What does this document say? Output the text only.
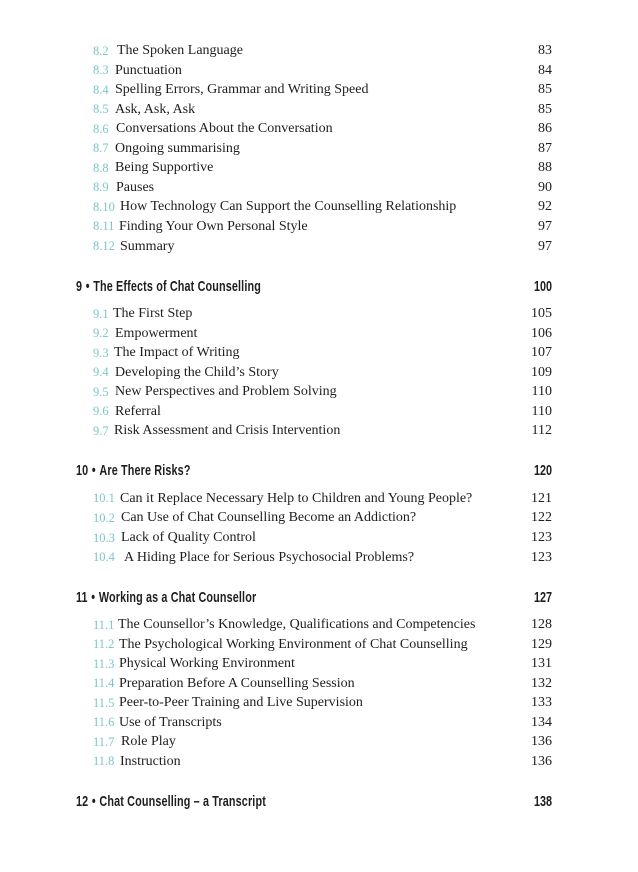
8.2 The Spoken Language	83
8.3 Punctuation	84
8.4 Spelling Errors, Grammar and Writing Speed	85
8.5 Ask, Ask, Ask	85
8.6 Conversations About the Conversation	86
8.7 Ongoing summarising	87
8.8 Being Supportive	88
8.9 Pauses	90
8.10 How Technology Can Support the Counselling Relationship	92
8.11 Finding Your Own Personal Style	97
8.12 Summary	97
9 • The Effects of Chat Counselling	100
9.1 The First Step	105
9.2 Empowerment	106
9.3 The Impact of Writing	107
9.4 Developing the Child’s Story	109
9.5 New Perspectives and Problem Solving	110
9.6 Referral	110
9.7 Risk Assessment and Crisis Intervention	112
10 • Are There Risks?	120
10.1 Can it Replace Necessary Help to Children and Young People?	121
10.2 Can Use of Chat Counselling Become an Addiction?	122
10.3 Lack of Quality Control	123
10.4 A Hiding Place for Serious Psychosocial Problems?	123
11 • Working as a Chat Counsellor	127
11.1 The Counsellor’s Knowledge, Qualifications and Competencies	128
11.2 The Psychological Working Environment of Chat Counselling	129
11.3 Physical Working Environment	131
11.4 Preparation Before A Counselling Session	132
11.5 Peer-to-Peer Training and Live Supervision	133
11.6 Use of Transcripts	134
11.7 Role Play	136
11.8 Instruction	136
12 • Chat Counselling – a Transcript	138
